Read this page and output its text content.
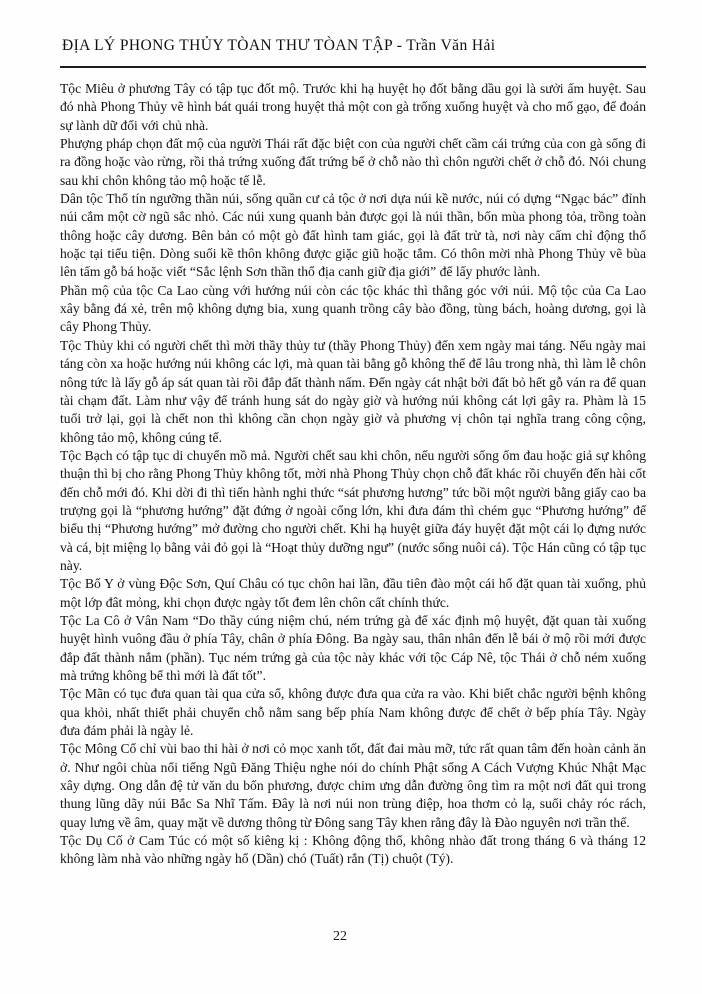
ĐỊA LÝ PHONG THỦY TÒAN THƯ TÒAN TẬP - Trần Văn Hải

Tộc Miêu ở phương Tây có tập tục đốt mộ. Trước khi hạ huyệt họ đốt bằng dầu gọi là sưởi ấm huyệt. Sau đó nhà Phong Thủy vẽ hình bát quái trong huyệt thả một con gà trống xuống huyệt và cho mổ gạo, để đoán sự lành dữ đối với chủ nhà.

Phượng pháp chọn đất mộ của người Thái rất đặc biệt con của người chết cầm cái trứng của con gà sống đi ra đồng hoặc vào rừng, rồi thả trứng xuống đất trứng bể ở chỗ nào thì chôn người chết ở chỗ đó. Nói chung sau khi chôn không tảo mộ hoặc tế lễ.

Dân tộc Thổ tín ngưỡng thần núi, sống quần cư cả tộc ở nơi dựa núi kề nước, núi có dựng “Ngạc bác” đỉnh núi cắm một cờ ngũ sắc nhỏ. Các núi xung quanh bản được gọi là núi thần, bốn mùa phong tỏa, trồng toàn thông hoặc cây dương. Bên bản có một gò đất hình tam giác, gọi là đất trừ tà, nơi này cấm chỉ động thổ hoặc tại tiểu tiện. Dòng suối kề thôn không được giặc giũ hoặc tắm. Có thôn mời nhà Phong Thủy vẽ bùa lên tấm gỗ bá hoặc viết “Sắc lệnh Sơn thần thổ địa canh giữ địa giới” để lấy phước lành.

Phần mộ của tộc Ca Lao cùng với hướng núi còn các tộc khác thì thẳng góc với núi. Mộ tộc của Ca Lao xây bằng đá xẻ, trên mộ không dựng bia, xung quanh trồng cây bào đồng, tùng bách, hoàng dương, gọi là cây Phong Thủy.

Tộc Thủy khi có người chết thì mời thầy thủy tư (thầy Phong Thủy) đến xem ngày mai táng. Nếu ngày mai táng còn xa hoặc hướng núi không các lợi, mà quan tài bằng gỗ không thể để lâu trong nhà, thì làm lễ chôn nông tức là lấy gỗ áp sát quan tài rồi đắp đất thành nấm. Đến ngày cát nhật bởi đất bỏ hết gỗ ván ra để quan tài chạm đất. Làm như vậy để tránh hung sát do ngày giờ và hướng núi không cát lợi gây ra. Phàm là 15 tuổi trở lại, gọi là chết non thì không cần chọn ngày giờ và phương vị chôn tại nghĩa trang công cộng, không tảo mộ, không cúng tế.

Tộc Bạch có tập tục di chuyển mồ mả. Người chết sau khi chôn, nếu người sống ốm đau hoặc giả sự không thuận thì bị cho rằng Phong Thủy không tốt, mời nhà Phong Thủy chọn chỗ đất khác rồi chuyển đến hài cốt đến chỗ mới đó. Khi dời đi thì tiến hành nghi thức “sát phương hương” tức bồi một người bằng giấy cao ba trượng gọi là “phương hướng” đặt đứng ở ngoài cổng lớn, khi đưa đám thì chém gục “Phương hướng” để biểu thị “Phương hướng” mở đường cho người chết. Khi hạ huyệt giữa đáy huyệt đặt một cái lọ đựng nước và cá, bịt miệng lọ bằng vải đỏ gọi là “Hoạt thủy dưỡng ngư” (nước sống nuôi cá). Tộc Hán cũng có tập tục này.

Tộc Bố Y ở vùng Độc Sơn, Quí Châu có tục chôn hai lần, đầu tiên đào một cái hố đặt quan tài xuống, phủ một lớp đât mỏng, khi chọn được ngày tốt đem lên chôn cất chính thức.

Tộc La Cô ở Vân Nam “Do thầy cúng niệm chú, ném trứng gà để xác định mộ huyệt, đặt quan tài xuống huyệt hình vuông đầu ở phía Tây, chân ở phía Đông. Ba ngày sau, thân nhân đến lễ bái ở mộ rồi mới được đắp đất thành nắm (phần). Tục ném trứng gà của tộc này khác với tộc Cáp Nê, tộc Thái ở chỗ ném xuống mà trứng không bể thì mới là đất tốt”.

Tộc Mãn có tục đưa quan tài qua cửa sổ, không được đưa qua cửa ra vào. Khi biết chắc người bệnh không qua khỏi, nhất thiết phải chuyển chỗ nằm sang bếp phía Nam không được để chết ở bếp phía Tây. Ngày đưa đám phải là ngày lẻ.

Tộc Mông Cổ chỉ vùi bao thi hài ở nơi cỏ mọc xanh tốt, đất đai màu mỡ, tức rất quan tâm đến hoàn cảnh ăn ở. Như ngôi chùa nổi tiếng Ngũ Đăng Thiệu nghe nói do chính Phật sống A Cách Vượng Khúc Nhật Mạc xây dựng. Ong dẫn đệ tử văn du bốn phương, được chim ưng dẫn đường ông tìm ra một nơi đất qui trong thung lũng dãy núi Bắc Sa Nhĩ Tấm. Đây là nơi núi non trùng điệp, hoa thơm cỏ lạ, suối chảy róc rách, quay lưng về âm, quay mặt về dương thông từ Đông sang Tây khen rằng đây là Đào nguyên nơi trần thế.

Tộc Dụ Cố ở Cam Túc có một số kiêng kị : Không động thổ, không nhào đất trong tháng 6 và tháng 12 không làm nhà vào những ngày hổ (Dần) chó (Tuất) rắn (Tị) chuột (Tý).

22
